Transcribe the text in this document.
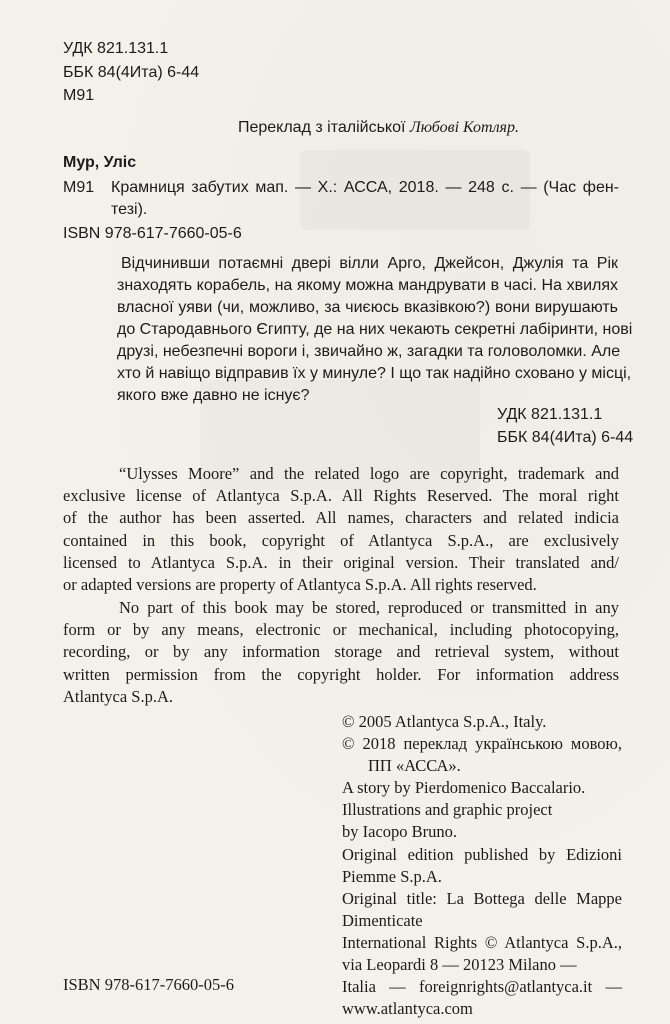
УДК 821.131.1
ББК 84(4Ита) 6-44
М91
Переклад з італійської Любові Котляр.
Мур, Уліс
М91	Крамниця забутих мап. — Х.: АССА, 2018. — 248 с. — (Час фен-
тезі).
ISBN 978-617-7660-05-6
Відчинивши потаємні двері вілли Арго, Джейсон, Джулія та Рік
знаходять корабель, на якому можна мандрувати в часі. На хвилях
власної уяви (чи, можливо, за чиєюсь вказівкою?) вони вирушають
до Стародавнього Єгипту, де на них чекають секретні лабіринти, нові
друзі, небезпечні вороги і, звичайно ж, загадки та головоломки. Але
хто й навіщо відправив їх у минуле? І що так надійно сховано у місці,
якого вже давно не існує?
УДК 821.131.1
ББК 84(4Ита) 6-44
“Ulysses Moore” and the related logo are copyright, trademark and
exclusive license of Atlantyca S.p.A. All Rights Reserved. The moral right
of the author has been asserted. All names, characters and related indicia
contained in this book, copyright of Atlantyca S.p.A., are exclusively
licensed to Atlantyca S.p.A. in their original version. Their translated and/
or adapted versions are property of Atlantyca S.p.A. All rights reserved.
No part of this book may be stored, reproduced or transmitted in any
form or by any means, electronic or mechanical, including photocopying,
recording, or by any information storage and retrieval system, without
written permission from the copyright holder. For information address
Atlantyca S.p.A.
© 2005 Atlantyca S.p.A., Italy.
© 2018 переклад українською мовою,
ПП «АССА».
A story by Pierdomenico Baccalario.
Illustrations and graphic project
by Iacopo Bruno.
Original edition published by Edizioni
Piemme S.p.A.
Original title: La Bottega delle Mappe
Dimenticate
International Rights © Atlantyca S.p.A.,
via Leopardi 8 — 20123 Milano —
Italia — foreignrights@atlantyca.it —
www.atlantyca.com
ISBN 978-617-7660-05-6
